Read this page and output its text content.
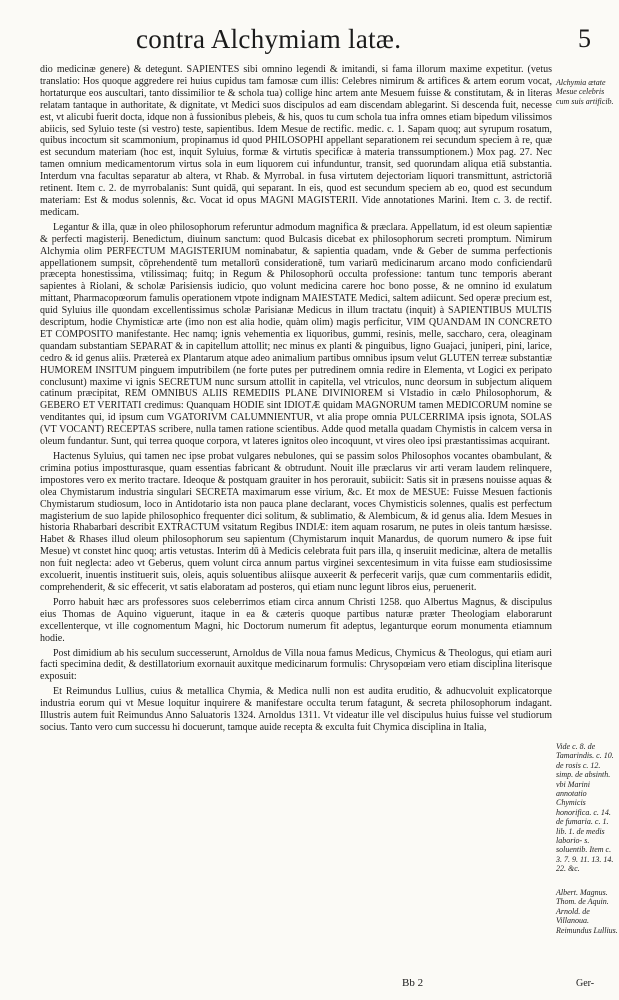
contra Alchymiam latæ.	5

dio medicinæ genere) & detegunt. SAPIENTES sibi omnino legendi & imitandi, si fama illorum maxime expetitur. (vetus translatio: Hos quoque aggredere rei huius cupidus tam famosæ cum illis: Celebres nimirum & artifices & artem eorum vocat, hortaturque eos auscultari, tanto dissimilior te & schola tua) collige hinc artem ante Mesuem fuisse & constitutam, & in literas relatam tantaque in authoritate, & dignitate, vt Medici suos discipulos ad eam discendam ablegarint. Si descenda fuit, necesse est, vt alicubi fuerit docta, idque non à fussionibus plebeis, & his, quos tu cum schola tua infra omnes etiam bipedum vilissimos abiicis, sed Syluio teste (si vestro) teste, sapientibus. Idem Mesue de rectific. medic. c. 1. Sapam quoq; aut syrupum rosatum, quibus incoctum sit scammonium, propinamus id quod PHILOSOPHI appellant separationem rei secundum speciem à re, quæ est secundum materiam (hoc est, inquit Syluius, formæ & virtutis specificæ à materia transsumptionem.) Mox pag. 27. Nec tamen omnium medicamentorum virtus sola in eum liquorem cui infunduntur, transit, sed quorundam aliqua etiā substantia. Interdum vna facultas separatur ab altera, vt Rhab. & Myrrobal. in fusa virtutem dejectoriam liquori transmittunt, astrictoriā retinent. Item c. 2. de myrrobalanis: Sunt quidā, qui separant. In eis, quod est secundum speciem ab eo, quod est secundum materiam: Est & modus solennis, &c. Vocat id opus MAGNI MAGISTERII. Vide annotationes Marini. Item c. 3. de rectif. medicam.

Legantur & illa, quæ in oleo philosophorum referuntur admodum magnifica & præclara. Appellatum, id est oleum sapientiæ & perfecti magisterij. Benedictum, diuinum sanctum: quod Bulcasis dicebat ex philosophorum secreti promptum. Nimirum Alchymia olim PERFECTUM MAGISTERIUM nominabatur, & sapientia quadam, vnde & Geber de summa perfectionis appellationem sumpsit, cōprehendentē tum metallorū considerationē, tum variarū medicinarum arcano modo conficiendarū præcepta honestissima, vtilissimaq; fuitq; in Regum & Philosophorū occulta professione: tantum tunc temporis aberant sapientes à Riolani, & scholæ Parisiensis iudicio, quo volunt medicina carere hoc bono posse, & ne omnino id exulatum mittant, Pharmacopœorum famulis operationem vtpote indignam MAIESTATE Medici, saltem adiicunt. Sed operæ precium est, quid Syluius ille quondam excellentissimus scholæ Parisianæ Medicus in illum tractatu (inquit) à SAPIENTIBUS MULTIS descriptum, hodie Chymisticæ arte (imo non est alia hodie, quàm olim) magis perficitur, VIM QUANDAM IN CONCRETO ET COMPOSITO manifestante. Hec namq; ignis vehementia ex liquoribus, gummi, resinis, melle, saccharo, cera, oleaginam quandam substantiam SEPARAT & in capitellum attollit; nec minus ex planti & pinguibus, ligno Guajaci, juniperi, pini, larice, cedro & id genus aliis. Prætereà ex Plantarum atque adeo animalium partibus omnibus ipsum velut GLUTEN terreæ substantiæ HUMOREM INSITUM pinguem imputribilem (ne forte putes per putredinem omnia redire in Elementa, vt Logici ex peripato conclusunt) maxime vi ignis SECRETUM nunc sursum attollit in capitella, vel vtriculos, nunc deorsum in subjectum aliquem catinum præcipitat, REM OMNIBUS ALIIS REMEDIIS PLANE DIVINIOREM si VIstadio in cælo Philosophorum, & GEBERO ET VERITATI credimus: Quanquam HODIE sint IDIOTÆ quidam MAGNORUM tamen MEDICORUM nomine se venditantes qui, id ipsum cum VGATORIVM CALUMNIENTUR, vt alia prope omnia PULCERRIMA ipsis ignota, SOLAS (VT VOCANT) RECEPTAS scribere, nulla tamen ratione scientibus. Adde quod metalla quadam Chymistis in calcem versa in oleum fundantur. Sunt, qui terrea quoque corpora, vt lateres ignitos oleo incoquunt, vt vires oleo ipsi præstantissimas acquirant.

Hactenus Syluius, qui tamen nec ipse probat vulgares nebulones, qui se passim solos Philosophos vocantes obambulant, & crimina potius impostturasque, quam essentias fabricant & obtrudunt. Nouit ille præclarus vir arti veram laudem relinquere, impostores vero ex merito tractare. Ideoque & postquam grauiter in hos perorauit, subiicit: Satis sit in præsens nouisse aquas & olea Chymistarum industria singulari SECRETA maximarum esse virium, &c. Et mox de MESUE: Fuisse Mesuen factionis Chymistarum studiosum, loco in Antidotario ista non pauca plane declarant, voces Chymisticis solennes, qualis est perfectum magisterium de suo lapide philosophico frequenter dici solitum, & sublimatio, & Alembicum, & id genus alia. Idem Mesues in historia Rhabarbari describit EXTRACTUM vsitatum Regibus INDIÆ: item aquam rosarum, ne putes in oleis tantum hæsisse. Habet & Rhases illud oleum philosophorum seu sapientum (Chymistarum inquit Manardus, de quorum numero & ipse fuit Mesue) vt constet hinc quoq; artis vetustas. Interim dū à Medicis celebrata fuit pars illa, q inseruiit medicinæ, altera de metallis non fuit neglecta: adeo vt Geberus, quem volunt circa annum partus virginei sexcentesimum in vita fuisse eam studiosissime excoluerit, inuentis instituerit suis, oleis, aquis soluentibus aliisque auxeerit & perfecerit varijs, quæ cum commentariis edidit, comprehenderit, & sic effecerit, vt satis elaboratam ad posteros, qui etiam nunc legunt libros eius, peruenerit.

Porro habuit hæc ars professores suos celeberrimos etiam circa annum Christi 1258. quo Albertus Magnus, & discipulus eius Thomas de Aquino viguerunt, itaque in ea & cæteris quoque partibus naturæ præter Theologiam elaborarunt excellenterque, vt ille cognomentum Magni, hic Doctorum numerum fit adeptus, leganturque eorum monumenta etiamnum hodie.

Post dimidium ab his seculum successerunt, Arnoldus de Villa noua famus Medicus, Chymicus & Theologus, qui etiam auri facti specimina dedit, & destillatorium exornauit auxitque medicinarum formulis: Chrysopœiam vero etiam disciplina literisque exposuit:

Et Reimundus Lullius, cuius & metallica Chymia, & Medica nulli non est audita eruditio, & adhucvoluit explicatorque industria eorum qui vt Mesue loquitur inquirere & manifestare occulta terum fatagunt, & secreta philosophorum indagant. Illustris autem fuit Reimundus Anno Saluatoris 1324. Arnoldus 1311. Vt videatur ille vel discipulus huius fuisse vel studiorum socius. Tanto vero cum successu hi docuerunt, tamque auide recepta & exculta fuit Chymica disciplina in Italia,

Alchymia ætate Mesue celebris cum suis artificib.
Vide c. 8. de Tamarindis. c. 10. de rosis c. 12. simp. de absinth. vbi Marini annotatio Chymicis honorifica. c. 14. de fumaria. c. 1. lib. 1. de medis laborio- s. soluentib. Item c. 3. 7. 9. 11. 13. 14. 22. &c.
Albert. Magnus. Thom. de Aquin. Arnold. de Villanoua. Reimundus Lullius.
Bb 2	Ger-
